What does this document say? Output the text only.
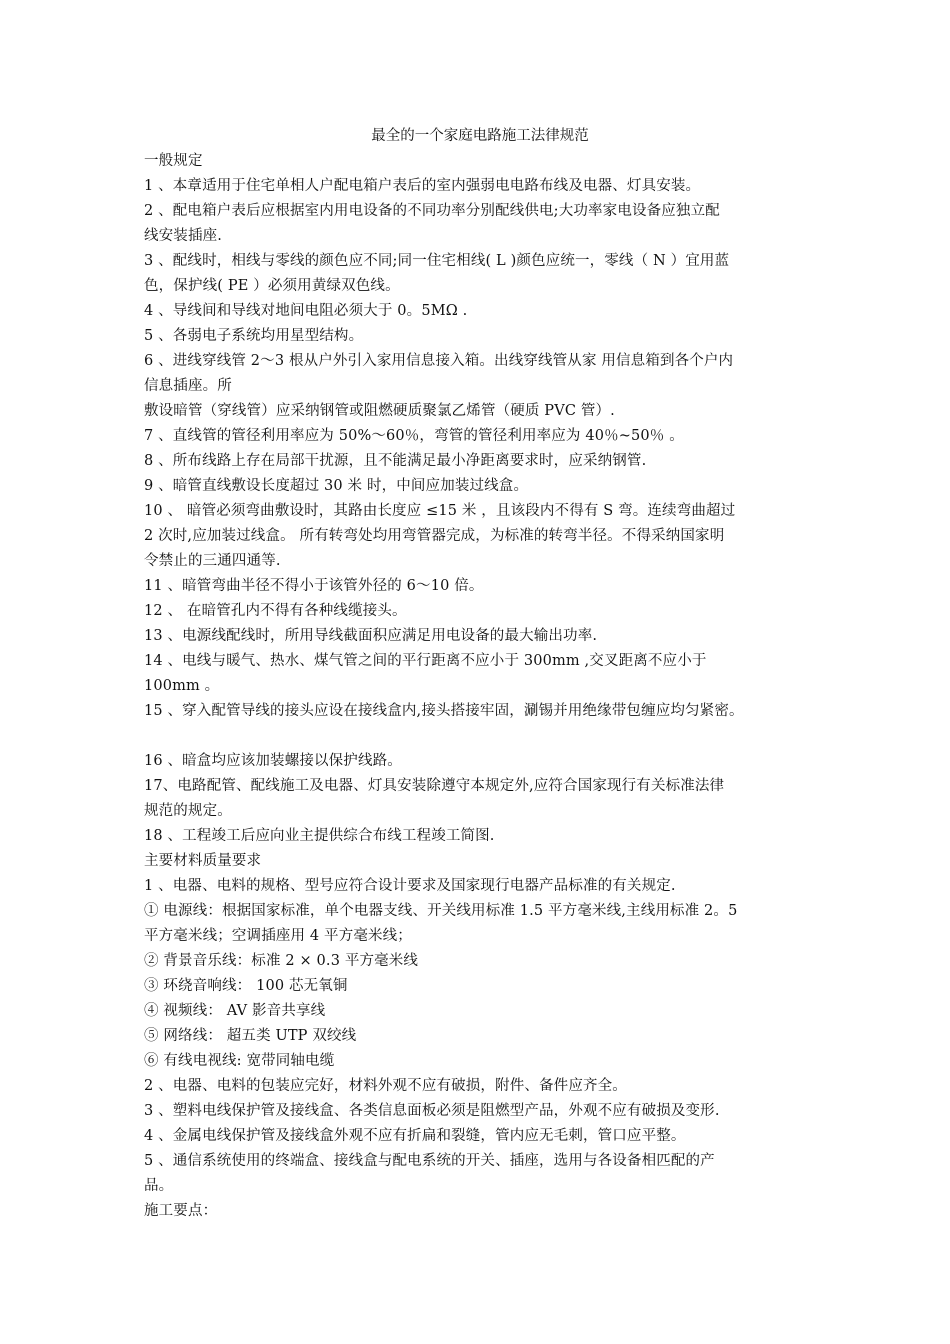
最全的一个家庭电路施工法律规范

一般规定

1 、本章适用于住宅单相人户配电箱户表后的室内强弱电电路布线及电器、灯具安装。

2 、配电箱户表后应根据室内用电设备的不同功率分别配线供电;大功率家电设备应独立配

线安装插座.

3 、配线时，相线与零线的颜色应不同;同一住宅相线( L )颜色应统一，零线（ N ）宜用蓝

色，保护线( PE ）必须用黄绿双色线。

4 、导线间和导线对地间电阻必须大于 0。5MΩ .

5 、各弱电子系统均用星型结构。

6 、进线穿线管 2～3 根从户外引入家用信息接入箱。出线穿线管从家 用信息箱到各个户内

信息插座。所

敷设暗管（穿线管）应采纳钢管或阻燃硬质聚氯乙烯管（硬质 PVC 管）.

7 、直线管的管径利用率应为 50%～60％，弯管的管径利用率应为 40％~50％ 。

8 、所布线路上存在局部干扰源，且不能满足最小净距离要求时，应采纳钢管.

9 、暗管直线敷设长度超过 30 米 时，中间应加装过线盒。

10 、 暗管必须弯曲敷设时，其路由长度应 ≤15 米 ，且该段内不得有 S 弯。连续弯曲超过

2 次时,应加装过线盒。 所有转弯处均用弯管器完成，为标准的转弯半径。不得采纳国家明

令禁止的三通四通等.

11 、暗管弯曲半径不得小于该管外径的 6～10 倍。

12 、 在暗管孔内不得有各种线缆接头。

13 、电源线配线时，所用导线截面积应满足用电设备的最大输出功率.

14 、电线与暖气、热水、煤气管之间的平行距离不应小于 300mm ,交叉距离不应小于

100mm 。

15 、穿入配管导线的接头应设在接线盒内,接头搭接牢固，涮锡并用绝缘带包缠应均匀紧密。

16 、暗盒均应该加装螺接以保护线路。

17、电路配管、配线施工及电器、灯具安装除遵守本规定外,应符合国家现行有关标准法律

规范的规定。

18 、工程竣工后应向业主提供综合布线工程竣工简图.

主要材料质量要求

1 、电器、电料的规格、型号应符合设计要求及国家现行电器产品标准的有关规定.

① 电源线：根据国家标准，单个电器支线、开关线用标准 1.5 平方毫米线,主线用标准 2。5

平方毫米线；空调插座用 4 平方毫米线；

② 背景音乐线：标准 2 × 0.3 平方毫米线

③ 环绕音响线： 100 芯无氧铜

④ 视频线： AV 影音共享线

⑤ 网络线： 超五类 UTP 双绞线

⑥ 有线电视线: 宽带同轴电缆

2 、电器、电料的包装应完好，材料外观不应有破损，附件、备件应齐全。

3 、塑料电线保护管及接线盒、各类信息面板必须是阻燃型产品，外观不应有破损及变形.

4 、金属电线保护管及接线盒外观不应有折扁和裂缝，管内应无毛刺，管口应平整。

5 、通信系统使用的终端盒、接线盒与配电系统的开关、插座，选用与各设备相匹配的产

品。

施工要点：
